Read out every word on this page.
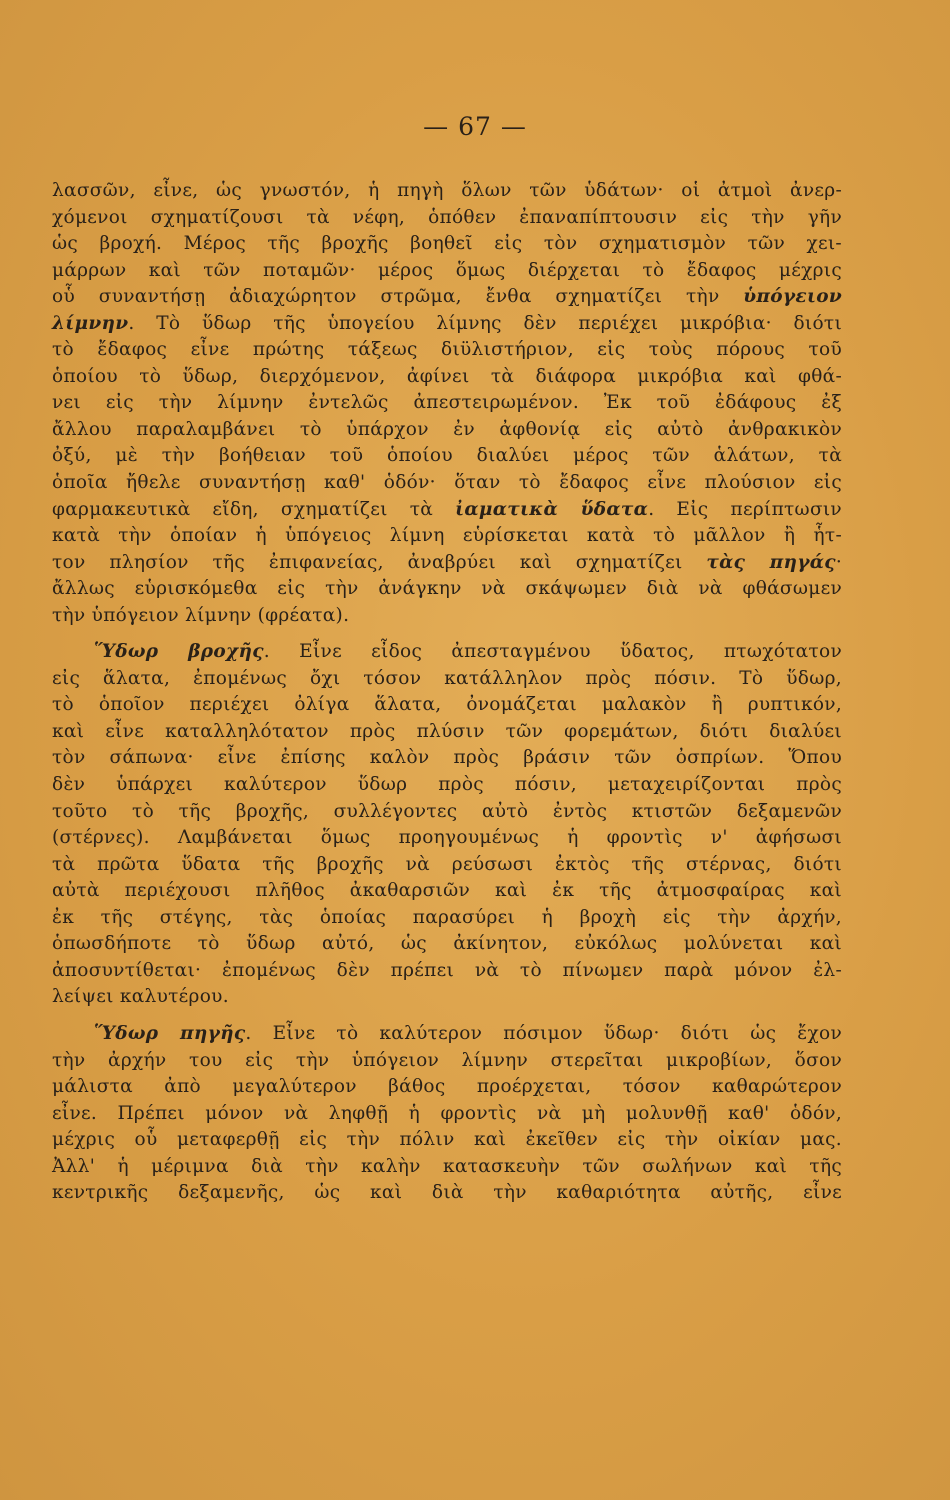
— 67 —

λασσῶν, εἶνε, ὡς γνωστόν, ἡ πηγὴ ὅλων τῶν ὑδάτων· οἱ ἀτμοὶ ἀνερ-

χόμενοι σχηματίζουσι τὰ νέφη, ὁπόθεν ἐπαναπίπτουσιν εἰς τὴν γῆν

ὡς βροχή. Μέρος τῆς βροχῆς βοηθεῖ εἰς τὸν σχηματισμὸν τῶν χει-

μάρρων καὶ τῶν ποταμῶν· μέρος ὅμως διέρχεται τὸ ἔδαφος μέχρις

οὗ συναντήσῃ ἀδιαχώρητον στρῶμα, ἔνθα σχηματίζει τὴν ὑπόγειον

λίμνην. Τὸ ὕδωρ τῆς ὑπογείου λίμνης δὲν περιέχει μικρόβια· διότι

τὸ ἔδαφος εἶνε πρώτης τάξεως διϋλιστήριον, εἰς τοὺς πόρους τοῦ

ὁποίου τὸ ὕδωρ, διερχόμενον, ἀφίνει τὰ διάφορα μικρόβια καὶ φθά-

νει εἰς τὴν λίμνην ἐντελῶς ἀπεστειρωμένον. Ἐκ τοῦ ἐδάφους ἐξ

ἄλλου παραλαμβάνει τὸ ὑπάρχον ἐν ἀφθονίᾳ εἰς αὐτὸ ἀνθρακικὸν

ὀξύ, μὲ τὴν βοήθειαν τοῦ ὁποίου διαλύει μέρος τῶν ἁλάτων, τὰ

ὁποῖα ἤθελε συναντήσῃ καθ' ὁδόν· ὅταν τὸ ἔδαφος εἶνε πλούσιον εἰς

φαρμακευτικὰ εἴδη, σχηματίζει τὰ ἰαματικὰ ὕδατα. Εἰς περίπτωσιν

κατὰ τὴν ὁποίαν ἡ ὑπόγειος λίμνη εὑρίσκεται κατὰ τὸ μᾶλλον ἢ ἧτ-

τον πλησίον τῆς ἐπιφανείας, ἀναβρύει καὶ σχηματίζει τὰς πηγάς·

ἄλλως εὑρισκόμεθα εἰς τὴν ἀνάγκην νὰ σκάψωμεν διὰ νὰ φθάσωμεν

τὴν ὑπόγειον λίμνην (φρέατα).

Ὕδωρ βροχῆς. Εἶνε εἶδος ἀπεσταγμένου ὕδατος, πτωχότατον

εἰς ἅλατα, ἐπομένως ὄχι τόσον κατάλληλον πρὸς πόσιν. Τὸ ὕδωρ,

τὸ ὁποῖον περιέχει ὀλίγα ἅλατα, ὀνομάζεται μαλακὸν ἢ ρυπτικόν,

καὶ εἶνε καταλληλότατον πρὸς πλύσιν τῶν φορεμάτων, διότι διαλύει

τὸν σάπωνα· εἶνε ἐπίσης καλὸν πρὸς βράσιν τῶν ὀσπρίων. Ὅπου

δὲν ὑπάρχει καλύτερον ὕδωρ πρὸς πόσιν, μεταχειρίζονται πρὸς

τοῦτο τὸ τῆς βροχῆς, συλλέγοντες αὐτὸ ἐντὸς κτιστῶν δεξαμενῶν

(στέρνες). Λαμβάνεται ὅμως προηγουμένως ἡ φροντὶς ν' ἀφήσωσι

τὰ πρῶτα ὕδατα τῆς βροχῆς νὰ ρεύσωσι ἐκτὸς τῆς στέρνας, διότι

αὐτὰ περιέχουσι πλῆθος ἀκαθαρσιῶν καὶ ἐκ τῆς ἀτμοσφαίρας καὶ

ἐκ τῆς στέγης, τὰς ὁποίας παρασύρει ἡ βροχὴ εἰς τὴν ἀρχήν,

ὁπωσδήποτε τὸ ὕδωρ αὐτό, ὡς ἀκίνητον, εὐκόλως μολύνεται καὶ

ἀποσυντίθεται· ἐπομένως δὲν πρέπει νὰ τὸ πίνωμεν παρὰ μόνον ἐλ-

λείψει καλυτέρου.

Ὕδωρ πηγῆς. Εἶνε τὸ καλύτερον πόσιμον ὕδωρ· διότι ὡς ἔχον

τὴν ἀρχήν του εἰς τὴν ὑπόγειον λίμνην στερεῖται μικροβίων, ὅσον

μάλιστα ἀπὸ μεγαλύτερον βάθος προέρχεται, τόσον καθαρώτερον

εἶνε. Πρέπει μόνον νὰ ληφθῇ ἡ φροντὶς νὰ μὴ μολυνθῇ καθ' ὁδόν,

μέχρις οὗ μεταφερθῇ εἰς τὴν πόλιν καὶ ἐκεῖθεν εἰς τὴν οἰκίαν μας.

Ἀλλ' ἡ μέριμνα διὰ τὴν καλὴν κατασκευὴν τῶν σωλήνων καὶ τῆς

κεντρικῆς δεξαμενῆς, ὡς καὶ διὰ τὴν καθαριότητα αὐτῆς, εἶνε
